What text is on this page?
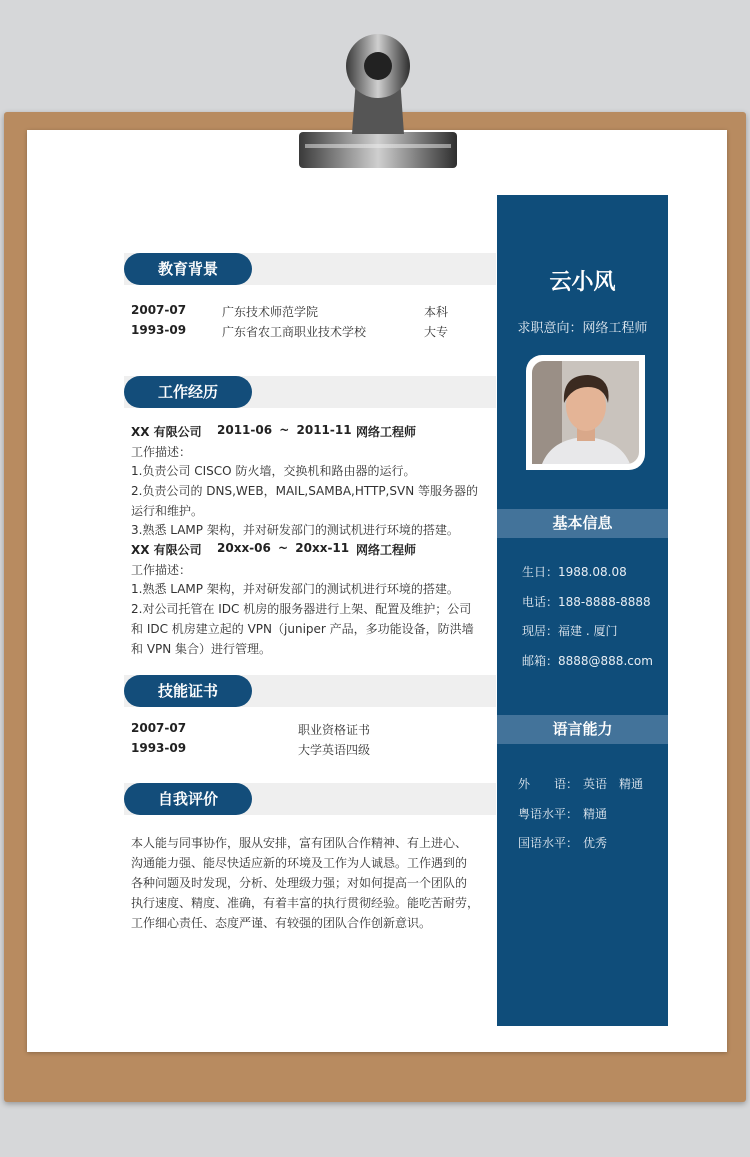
教育背景
2007-07	广东技术师范学院	本科
1993-09	广东省农工商职业技术学校	大专
工作经历
XX 有限公司 2011-06 ~ 2011-11 网络工程师
工作描述：
1.负责公司 CISCO 防火墙，交换机和路由器的运行。
2.负责公司的 DNS,WEB，MAIL,SAMBA,HTTP,SVN 等服务器的
运行和维护。
3.熟悉 LAMP 架构，并对研发部门的测试机进行环境的搭建。
XX 有限公司 20xx-06 ~ 20xx-11 网络工程师
工作描述：
1.熟悉 LAMP 架构，并对研发部门的测试机进行环境的搭建。
2.对公司托管在 IDC 机房的服务器进行上架、配置及维护；公司
和 IDC 机房建立起的 VPN（juniper 产品，多功能设备，防洪墙
和 VPN 集合）进行管理。
技能证书
2007-07	职业资格证书
1993-09	大学英语四级
自我评价
本人能与同事协作，服从安排，富有团队合作精神、有上进心、
沟通能力强、能尽快适应新的环境及工作为人诚恳。工作遇到的
各种问题及时发现，分析、处理级力强；对如何提高一个团队的
执行速度、精度、准确，有着丰富的执行贯彻经验。能吃苦耐劳，
工作细心责任、态度严谨、有较强的团队合作创新意识。
云小风
求职意向：网络工程师
基本信息
生日：1988.08.08
电话：188-8888-8888
现居：福建 . 厦门
邮箱：8888@888.com
语言能力
外　　语： 英语　精通
粤语水平： 精通
国语水平： 优秀
